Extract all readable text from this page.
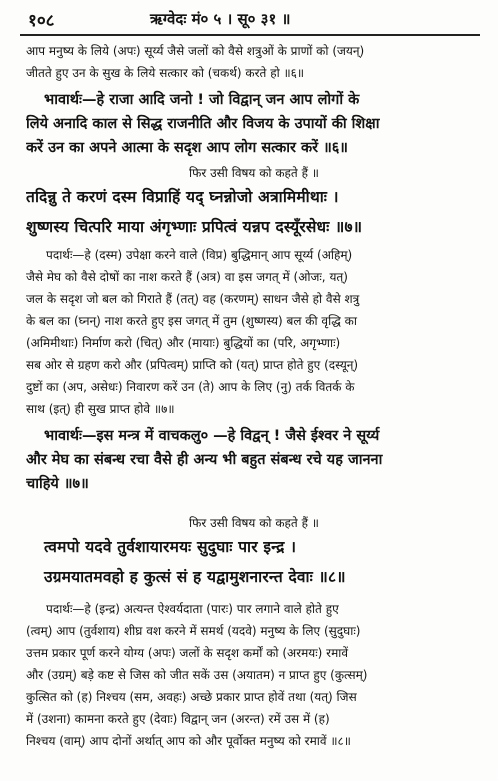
१०८	ऋग्वेदः मं० ५ । सू० ३१ ॥
आप मनुष्य के लिये (अपः) सूर्य्य जैसे जलों को वैसे शत्रुओं के प्राणों को (जयन्)
जीतते हुए उन के सुख के लिये सत्कार को (चकर्थ) करते हो ॥६॥
भावार्थः—हे राजा आदि जनो ! जो विद्वान् जन आप लोगों के
लिये अनादि काल से सिद्ध राजनीति और विजय के उपायों की शिक्षा
करें उन का अपने आत्मा के सदृश आप लोग सत्कार करें ॥६॥
फिर उसी विषय को कहते हैं ॥
तदिन्नु ते करणं दस्म विप्राहिं यद् घ्नन्नोजो अत्रामिमीथाः ।
शुष्णस्य चित्परि माया अंगृभ्णाः प्रपित्वं यन्नप दस्यूँरसेधः ॥७॥
पदार्थः—हे (दस्म) उपेक्षा करने वाले (विप्र) बुद्धिमान् आप सूर्य्य (अहिम्)
जैसे मेघ को वैसे दोषों का नाश करते हैं (अत्र) वा इस जगत् में (ओजः, यत्)
जल के सदृश जो बल को गिराते हैं (तत्) वह (करणम्) साधन जैसे हो वैसे शत्रु
के बल का (घ्नन्) नाश करते हुए इस जगत् में तुम (शुष्णस्य) बल की वृद्धि का
(अमिमीथाः) निर्माण करो (चित्) और (मायाः) बुद्धियों का (परि, अगृभ्णाः)
सब ओर से ग्रहण करो और (प्रपित्वम्) प्राप्ति को (यत्) प्राप्त होते हुए (दस्यून्)
दुष्टों का (अप, असेधः) निवारण करें उन (ते) आप के लिए (नु) तर्क वितर्क के
साथ (इत्) ही सुख प्राप्त होवे ॥७॥
भावार्थः—इस मन्त्र में वाचकलु० —हे विद्वन् ! जैसे ईश्वर ने सूर्य्य
और मेघ का संबन्ध रचा वैसे ही अन्य भी बहुत संबन्ध रचे यह जानना
चाहिये ॥७॥
फिर उसी विषय को कहते हैं ॥
त्वमपो यदवे तुर्वशायारमयः सुदुघाः पार इन्द्र ।
उग्रमयातमवहो ह कुत्सं सं ह यद्वामुशनारन्त देवाः ॥८॥
पदार्थः—हे (इन्द्र) अत्यन्त ऐश्वर्यदाता (पारः) पार लगाने वाले होते हुए
(त्वम्) आप (तुर्वशाय) शीघ्र वश करने में समर्थ (यदवे) मनुष्य के लिए (सुदुघाः)
उत्तम प्रकार पूर्ण करने योग्य (अपः) जलों के सदृश कर्मों को (अरमयः) रमावें
और (उग्रम्) बड़े कष्ट से जिस को जीत सकें उस (अयातम) न प्राप्त हुए (कुत्सम्)
कुत्सित को (ह) निश्चय (सम, अवहः) अच्छे प्रकार प्राप्त होवें तथा (यत्) जिस
में (उशना) कामना करते हुए (देवाः) विद्वान् जन (अरन्त) रमें उस में (ह)
निश्चय (वाम्) आप दोनों अर्थात् आप को और पूर्वोक्त मनुष्य को रमावें ॥८॥
